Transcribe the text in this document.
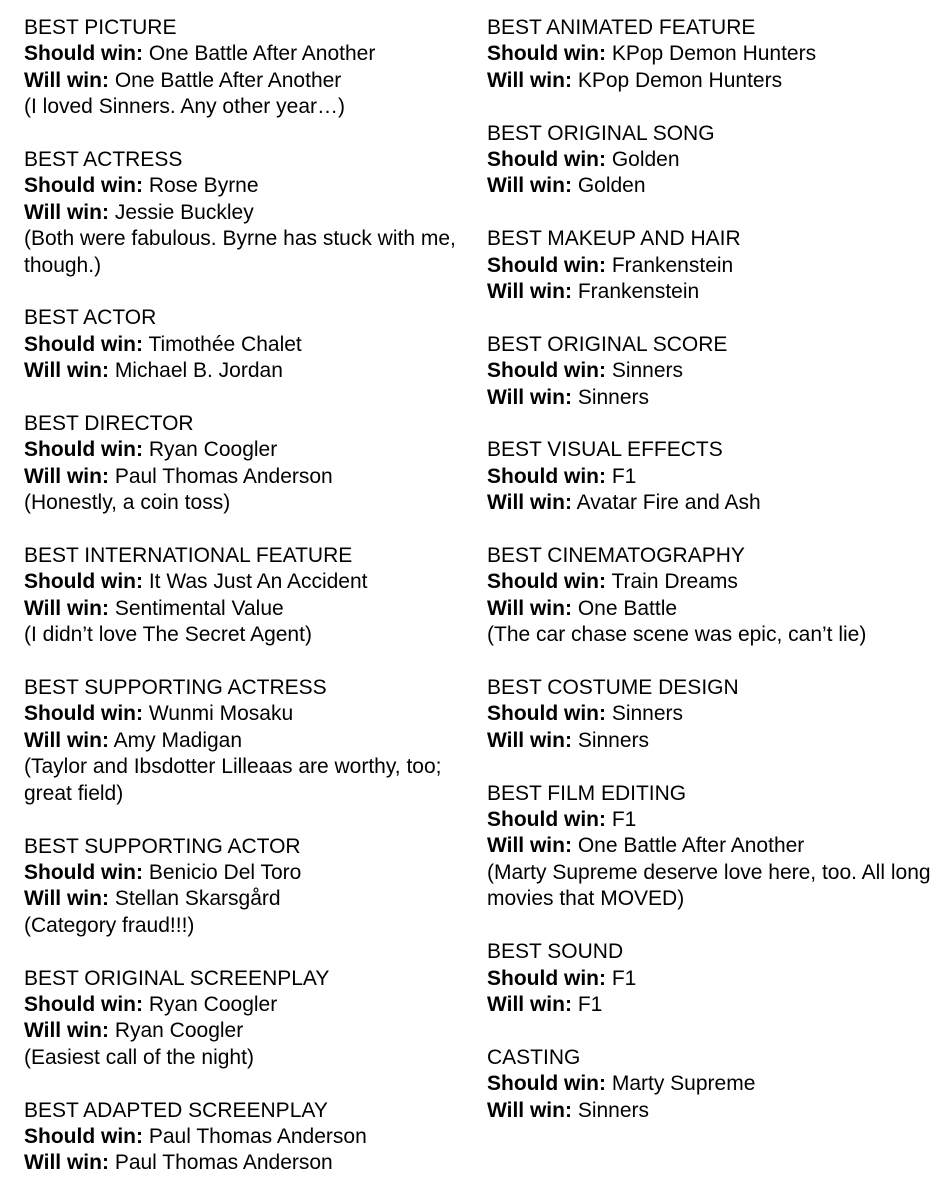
BEST PICTURE
Should win: One Battle After Another
Will win: One Battle After Another
(I loved Sinners. Any other year…)
BEST ACTRESS
Should win: Rose Byrne
Will win: Jessie Buckley
(Both were fabulous. Byrne has stuck with me, though.)
BEST ACTOR
Should win: Timothée Chalet
Will win: Michael B. Jordan
BEST DIRECTOR
Should win: Ryan Coogler
Will win: Paul Thomas Anderson
(Honestly, a coin toss)
BEST INTERNATIONAL FEATURE
Should win: It Was Just An Accident
Will win: Sentimental Value
(I didn’t love The Secret Agent)
BEST SUPPORTING ACTRESS
Should win: Wunmi Mosaku
Will win: Amy Madigan
(Taylor and Ibsdotter Lilleaas are worthy, too; great field)
BEST SUPPORTING ACTOR
Should win: Benicio Del Toro
Will win: Stellan Skarsgård
(Category fraud!!!)
BEST ORIGINAL SCREENPLAY
Should win: Ryan Coogler
Will win: Ryan Coogler
(Easiest call of the night)
BEST ADAPTED SCREENPLAY
Should win: Paul Thomas Anderson
Will win: Paul Thomas Anderson
BEST ANIMATED FEATURE
Should win: KPop Demon Hunters
Will win: KPop Demon Hunters
BEST ORIGINAL SONG
Should win: Golden
Will win: Golden
BEST MAKEUP AND HAIR
Should win: Frankenstein
Will win: Frankenstein
BEST ORIGINAL SCORE
Should win: Sinners
Will win: Sinners
BEST VISUAL EFFECTS
Should win: F1
Will win: Avatar Fire and Ash
BEST CINEMATOGRAPHY
Should win: Train Dreams
Will win: One Battle
(The car chase scene was epic, can’t lie)
BEST COSTUME DESIGN
Should win: Sinners
Will win: Sinners
BEST FILM EDITING
Should win: F1
Will win: One Battle After Another
(Marty Supreme deserve love here, too. All long movies that MOVED)
BEST SOUND
Should win: F1
Will win: F1
CASTING
Should win: Marty Supreme
Will win: Sinners
